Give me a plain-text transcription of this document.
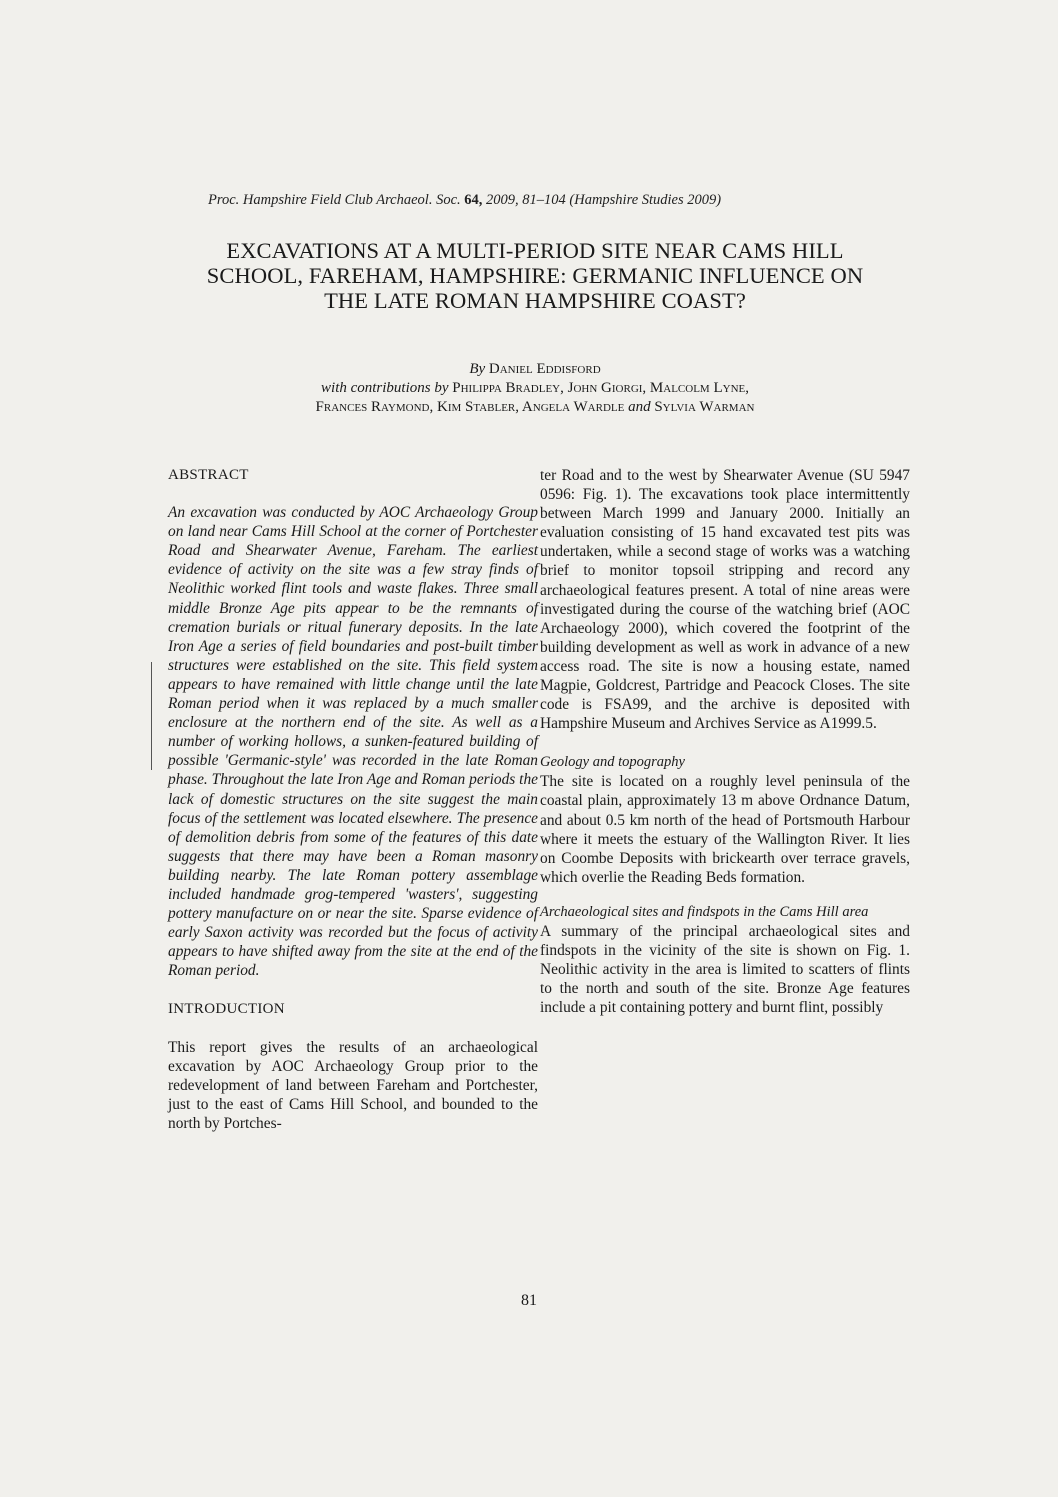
Proc. Hampshire Field Club Archaeol. Soc. 64, 2009, 81–104 (Hampshire Studies 2009)
EXCAVATIONS AT A MULTI-PERIOD SITE NEAR CAMS HILL
SCHOOL, FAREHAM, HAMPSHIRE: GERMANIC INFLUENCE ON
THE LATE ROMAN HAMPSHIRE COAST?
By Daniel Eddisford
with contributions by Philippa Bradley, John Giorgi, Malcolm Lyne,
Frances Raymond, Kim Stabler, Angela Wardle and Sylvia Warman
ABSTRACT

An excavation was conducted by AOC Archaeology Group on land near Cams Hill School at the corner of Portchester Road and Shearwater Avenue, Fareham. The earliest evidence of activity on the site was a few stray finds of Neolithic worked flint tools and waste flakes. Three small middle Bronze Age pits appear to be the remnants of cremation burials or ritual funerary deposits. In the late Iron Age a series of field boundaries and post-built timber structures were established on the site. This field system appears to have remained with little change until the late Roman period when it was replaced by a much smaller enclosure at the northern end of the site. As well as a number of working hollows, a sunken-featured building of possible 'Germanic-style' was recorded in the late Roman phase. Throughout the late Iron Age and Roman periods the lack of domestic structures on the site suggest the main focus of the settlement was located elsewhere. The presence of demolition debris from some of the features of this date suggests that there may have been a Roman masonry building nearby. The late Roman pottery assemblage included handmade grog-tempered 'wasters', suggesting pottery manufacture on or near the site. Sparse evidence of early Saxon activity was recorded but the focus of activity appears to have shifted away from the site at the end of the Roman period.

INTRODUCTION

This report gives the results of an archaeological excavation by AOC Archaeology Group prior to the redevelopment of land between Fareham and Portchester, just to the east of Cams Hill School, and bounded to the north by Portches-

ter Road and to the west by Shearwater Avenue (SU 5947 0596: Fig. 1). The excavations took place intermittently between March 1999 and January 2000. Initially an evaluation consisting of 15 hand excavated test pits was undertaken, while a second stage of works was a watching brief to monitor topsoil stripping and record any archaeological features present. A total of nine areas were investigated during the course of the watching brief (AOC Archaeology 2000), which covered the footprint of the building development as well as work in advance of a new access road. The site is now a housing estate, named Magpie, Goldcrest, Partridge and Peacock Closes. The site code is FSA99, and the archive is deposited with Hampshire Museum and Archives Service as A1999.5.

Geology and topography

The site is located on a roughly level peninsula of the coastal plain, approximately 13 m above Ordnance Datum, and about 0.5 km north of the head of Portsmouth Harbour where it meets the estuary of the Wallington River. It lies on Coombe Deposits with brickearth over terrace gravels, which overlie the Reading Beds formation.

Archaeological sites and findspots in the Cams Hill area

A summary of the principal archaeological sites and findspots in the vicinity of the site is shown on Fig. 1. Neolithic activity in the area is limited to scatters of flints to the north and south of the site. Bronze Age features include a pit containing pottery and burnt flint, possibly

81
